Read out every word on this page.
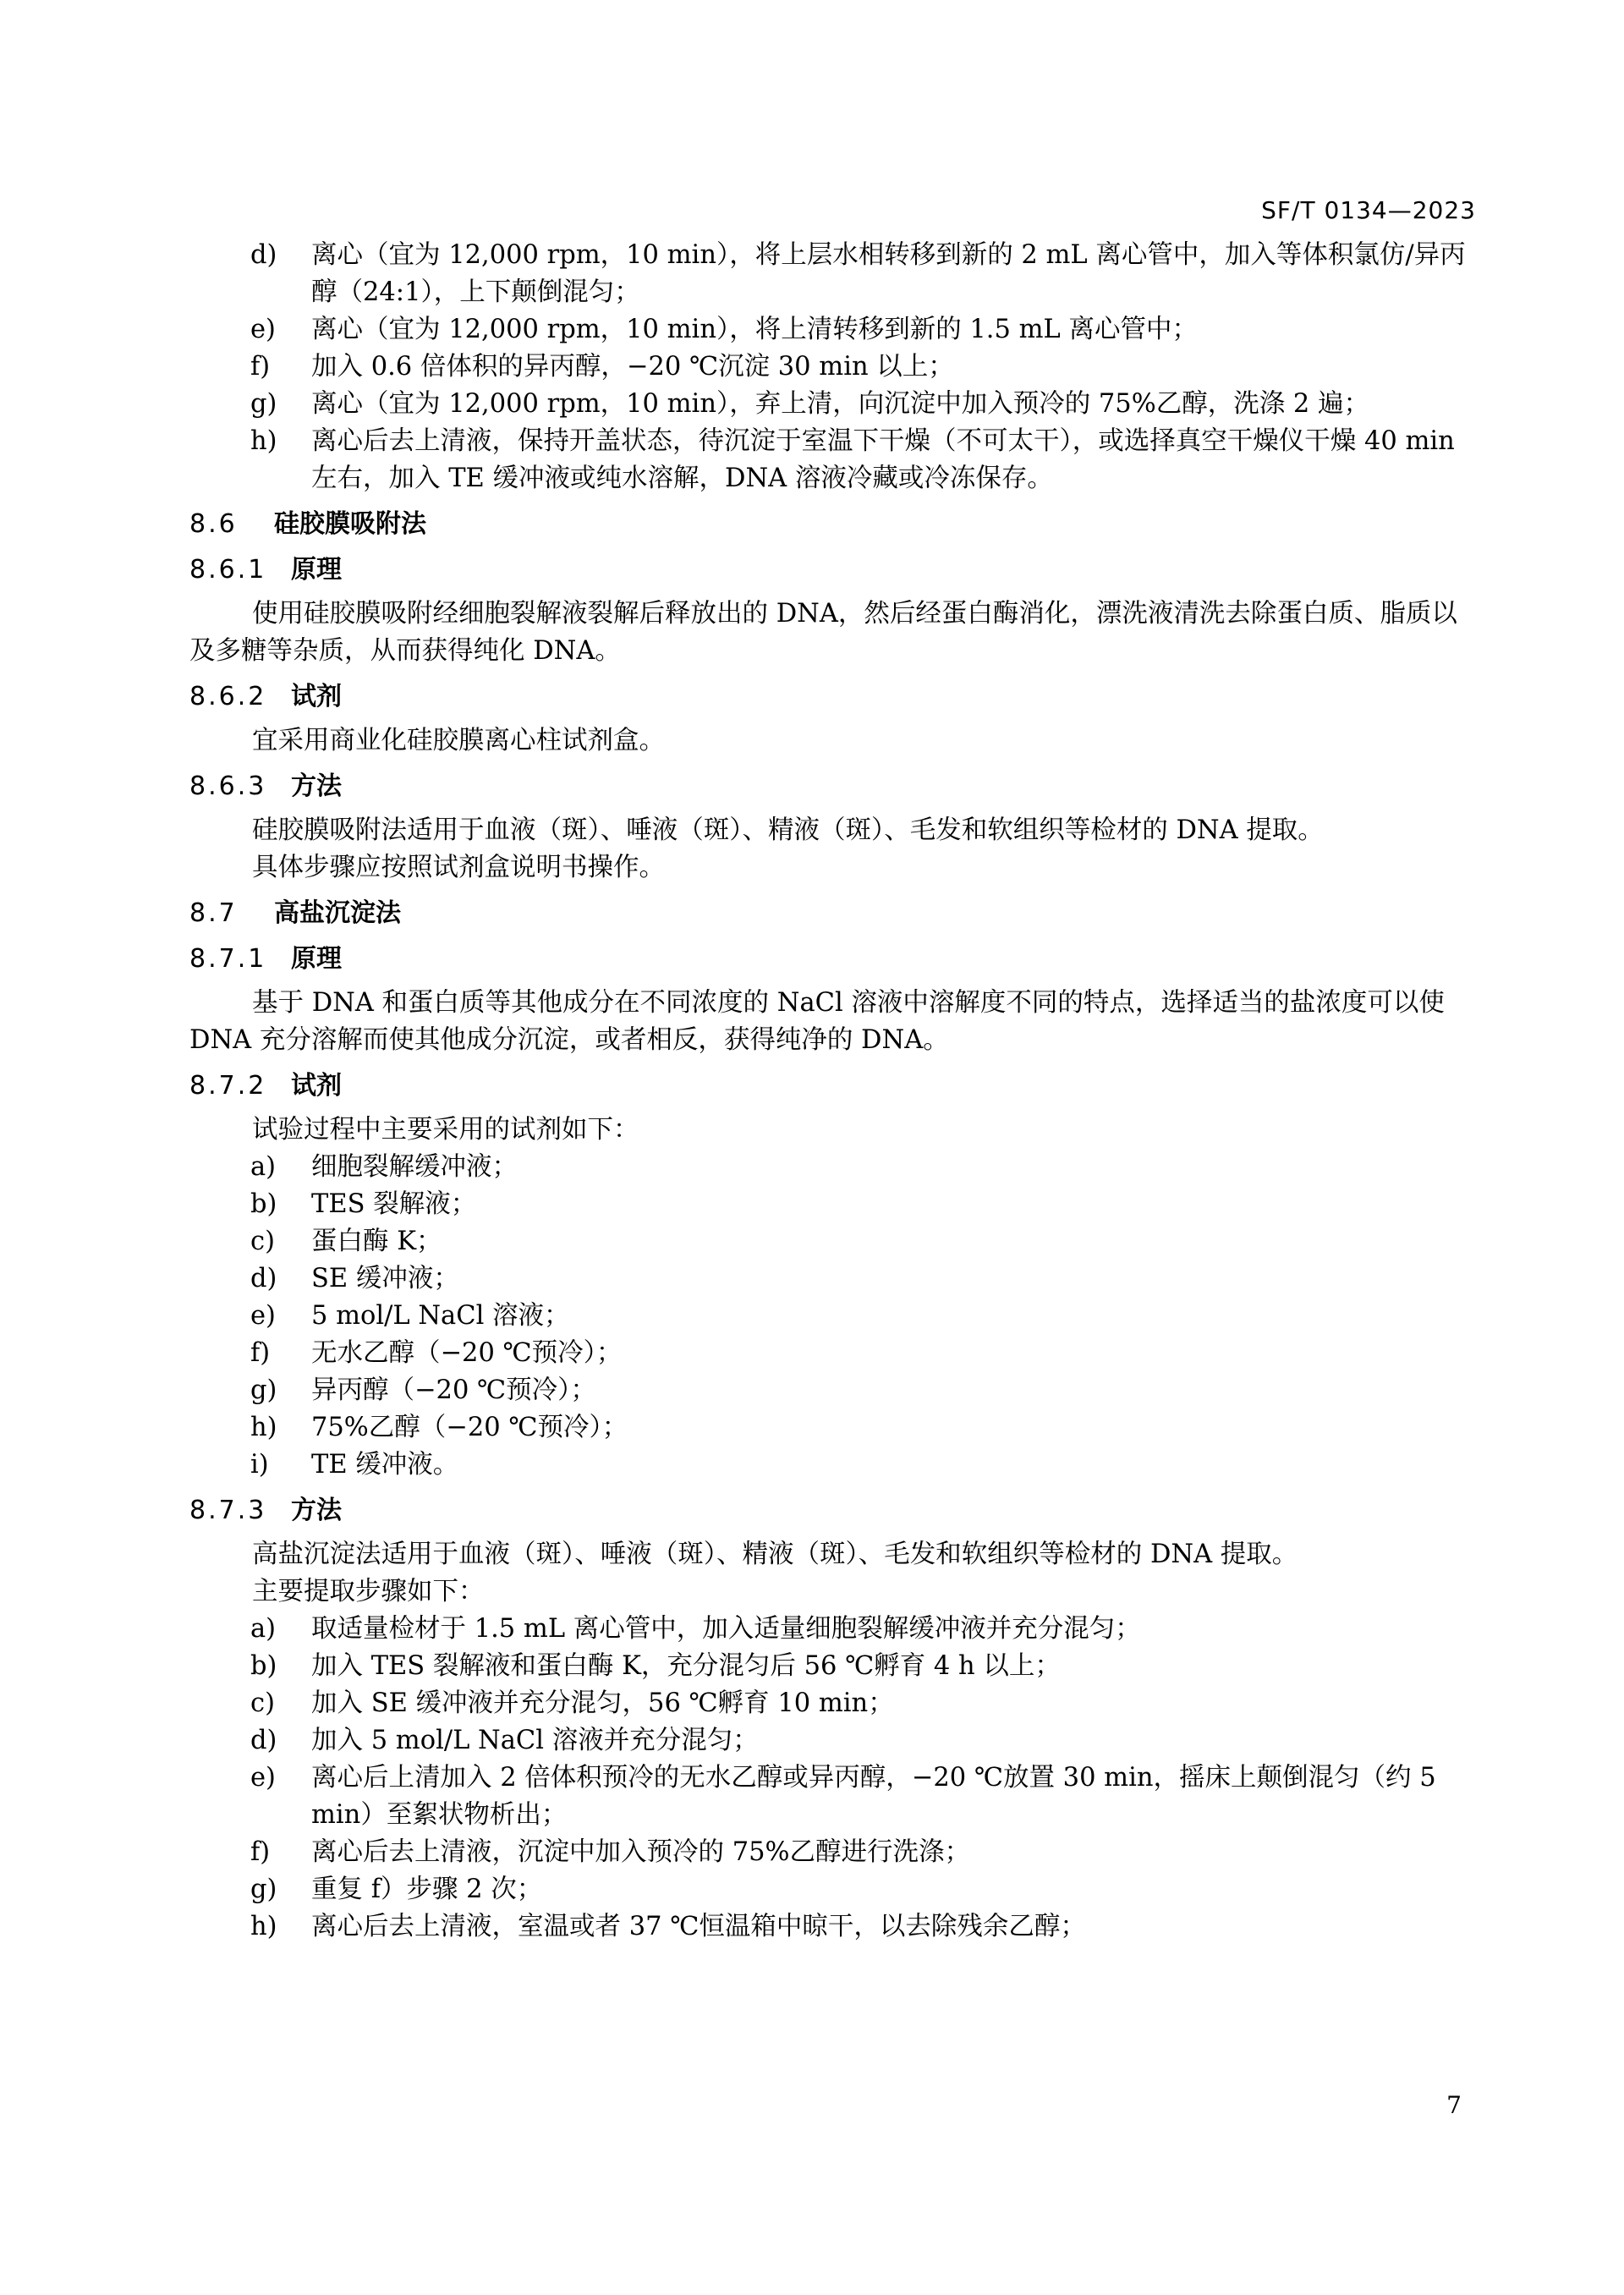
SF/T 0134—2023
d)	离心（宜为 12,000 rpm，10 min），将上层水相转移到新的 2 mL 离心管中，加入等体积氯仿/异丙醇（24:1），上下颠倒混匀；
e)	离心（宜为 12,000 rpm，10 min），将上清转移到新的 1.5 mL 离心管中；
f)	加入 0.6 倍体积的异丙醇，−20 ℃沉淀 30 min 以上；
g)	离心（宜为 12,000 rpm，10 min），弃上清，向沉淀中加入预冷的 75%乙醇，洗涤 2 遍；
h)	离心后去上清液，保持开盖状态，待沉淀于室温下干燥（不可太干），或选择真空干燥仪干燥 40 min 左右，加入 TE 缓冲液或纯水溶解，DNA 溶液冷藏或冷冻保存。
8.6	硅胶膜吸附法
8.6.1 原理
使用硅胶膜吸附经细胞裂解液裂解后释放出的 DNA，然后经蛋白酶消化，漂洗液清洗去除蛋白质、脂质以及多糖等杂质，从而获得纯化 DNA。
8.6.2 试剂
宜采用商业化硅胶膜离心柱试剂盒。
8.6.3 方法
硅胶膜吸附法适用于血液（斑）、唾液（斑）、精液（斑）、毛发和软组织等检材的 DNA 提取。
具体步骤应按照试剂盒说明书操作。
8.7	高盐沉淀法
8.7.1 原理
基于 DNA 和蛋白质等其他成分在不同浓度的 NaCl 溶液中溶解度不同的特点，选择适当的盐浓度可以使 DNA 充分溶解而使其他成分沉淀，或者相反，获得纯净的 DNA。
8.7.2 试剂
试验过程中主要采用的试剂如下：
a)	细胞裂解缓冲液；
b)	TES 裂解液；
c)	蛋白酶 K；
d)	SE 缓冲液；
e)	5 mol/L NaCl 溶液；
f)	无水乙醇（−20 ℃预冷）；
g)	异丙醇（−20 ℃预冷）；
h)	75%乙醇（−20 ℃预冷）；
i)	TE 缓冲液。
8.7.3 方法
高盐沉淀法适用于血液（斑）、唾液（斑）、精液（斑）、毛发和软组织等检材的 DNA 提取。
主要提取步骤如下：
a)	取适量检材于 1.5 mL 离心管中，加入适量细胞裂解缓冲液并充分混匀；
b)	加入 TES 裂解液和蛋白酶 K，充分混匀后 56 ℃孵育 4 h 以上；
c)	加入 SE 缓冲液并充分混匀，56 ℃孵育 10 min；
d)	加入 5 mol/L NaCl 溶液并充分混匀；
e)	离心后上清加入 2 倍体积预冷的无水乙醇或异丙醇，−20 ℃放置 30 min，摇床上颠倒混匀（约 5 min）至絮状物析出；
f)	离心后去上清液，沉淀中加入预冷的 75%乙醇进行洗涤；
g)	重复 f）步骤 2 次；
h)	离心后去上清液，室温或者 37 ℃恒温箱中晾干，以去除残余乙醇；
7
